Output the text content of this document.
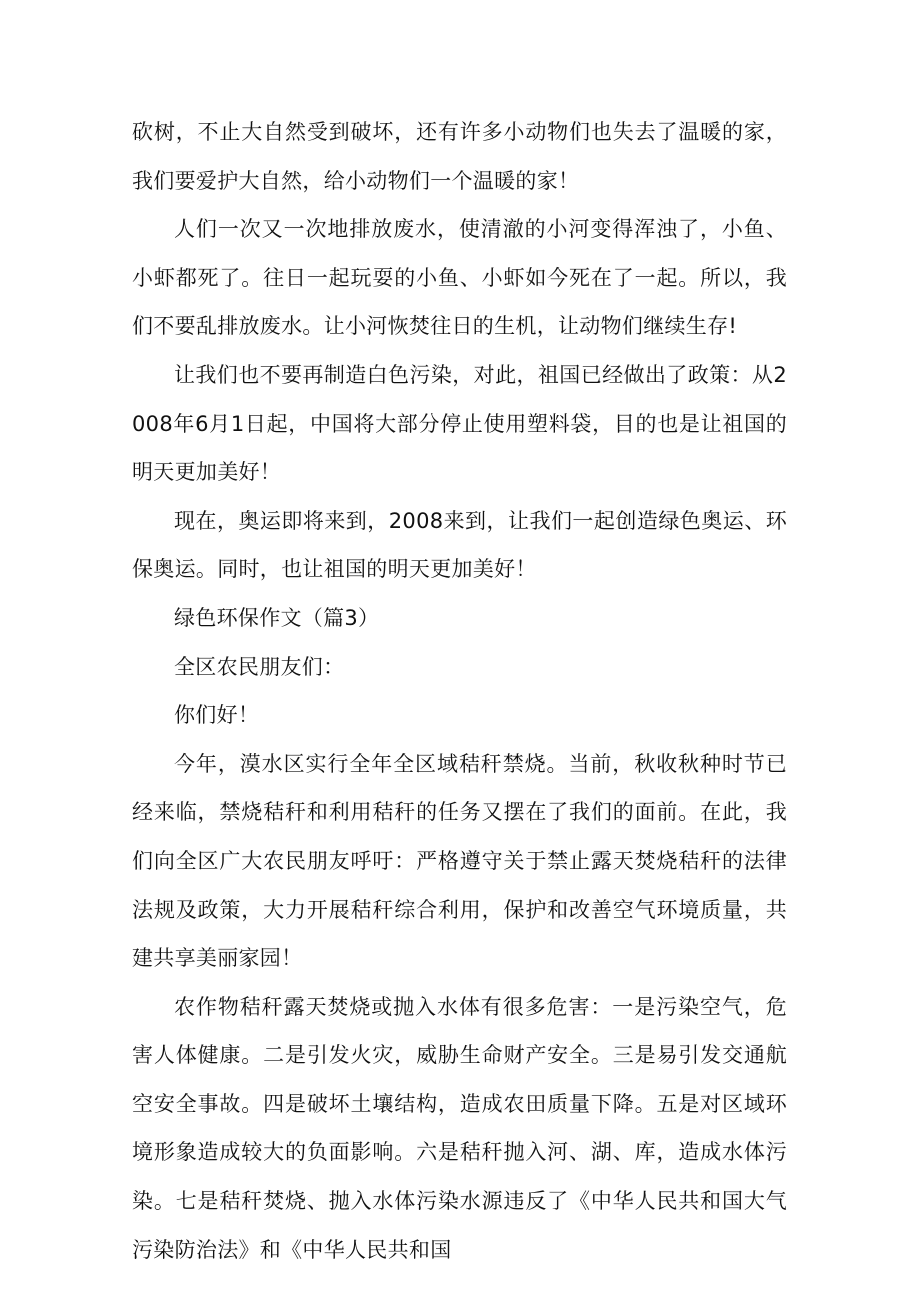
砍树，不止大自然受到破坏，还有许多小动物们也失去了温暖的家，我们要爱护大自然，给小动物们一个温暖的家！

人们一次又一次地排放废水，使清澈的小河变得浑浊了，小鱼、小虾都死了。往日一起玩耍的小鱼、小虾如今死在了一起。所以，我们不要乱排放废水。让小河恢焚往日的生机，让动物们继续生存!

让我们也不要再制造白色污染，对此，祖国已经做出了政策：从2008年6月1日起，中国将大部分停止使用塑料袋，目的也是让祖国的明天更加美好！

现在，奥运即将来到，2008来到，让我们一起创造绿色奥运、环保奥运。同时，也让祖国的明天更加美好！

绿色环保作文（篇3）

全区农民朋友们：

你们好！

今年，漠水区实行全年全区域秸秆禁烧。当前，秋收秋种时节已经来临，禁烧秸秆和利用秸秆的任务又摆在了我们的面前。在此，我们向全区广大农民朋友呼吁：严格遵守关于禁止露天焚烧秸秆的法律法规及政策，大力开展秸秆综合利用，保护和改善空气环境质量，共建共享美丽家园！

农作物秸秆露天焚烧或抛入水体有很多危害：一是污染空气，危害人体健康。二是引发火灾，威胁生命财产安全。三是易引发交通航空安全事故。四是破坏土壤结构，造成农田质量下降。五是对区域环境形象造成较大的负面影响。六是秸秆抛入河、湖、库，造成水体污染。七是秸秆焚烧、抛入水体污染水源违反了《中华人民共和国大气污染防治法》和《中华人民共和国
